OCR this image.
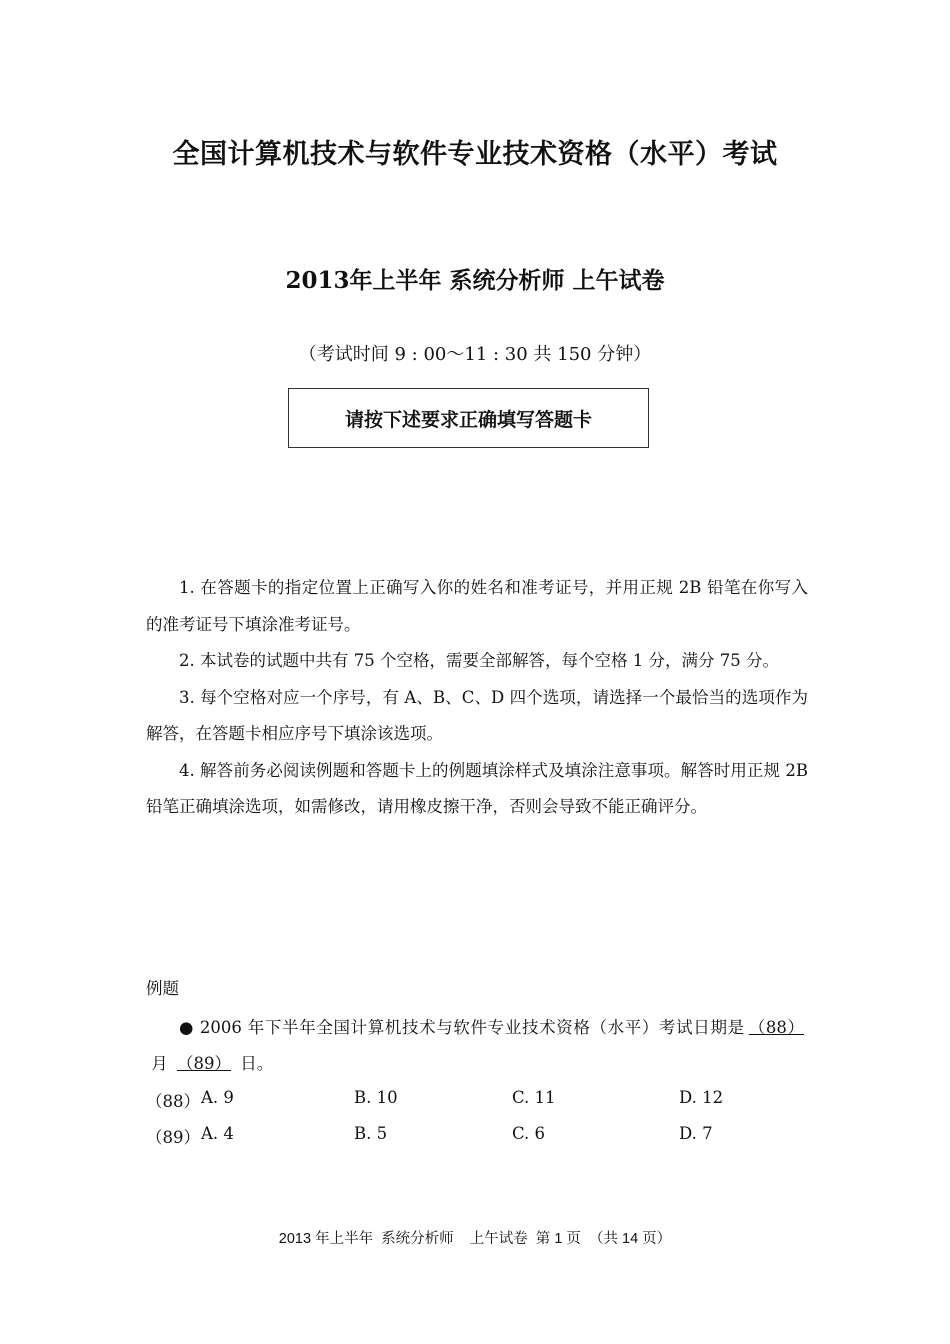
全国计算机技术与软件专业技术资格（水平）考试
2013年上半年 系统分析师 上午试卷
（考试时间 9 : 00～11 : 30 共 150 分钟）
请按下述要求正确填写答题卡

1. 在答题卡的指定位置上正确写入你的姓名和准考证号，并用正规 2B 铅笔在你写入的准考证号下填涂准考证号。

2. 本试卷的试题中共有 75 个空格，需要全部解答，每个空格 1 分，满分 75 分。

3. 每个空格对应一个序号，有 A、B、C、D 四个选项，请选择一个最恰当的选项作为解答，在答题卡相应序号下填涂该选项。

4. 解答前务必阅读例题和答题卡上的例题填涂样式及填涂注意事项。解答时用正规 2B 铅笔正确填涂选项，如需修改，请用橡皮擦干净，否则会导致不能正确评分。

例题

● 2006 年下半年全国计算机技术与软件专业技术资格（水平）考试日期是 （88） 月 （89） 日。

（88） A. 9	B. 10	C. 11	D. 12
（89） A. 4	B. 5	C. 6	D. 7
2013 年上半年  系统分析师    上午试卷  第 1 页  （共 14 页）
